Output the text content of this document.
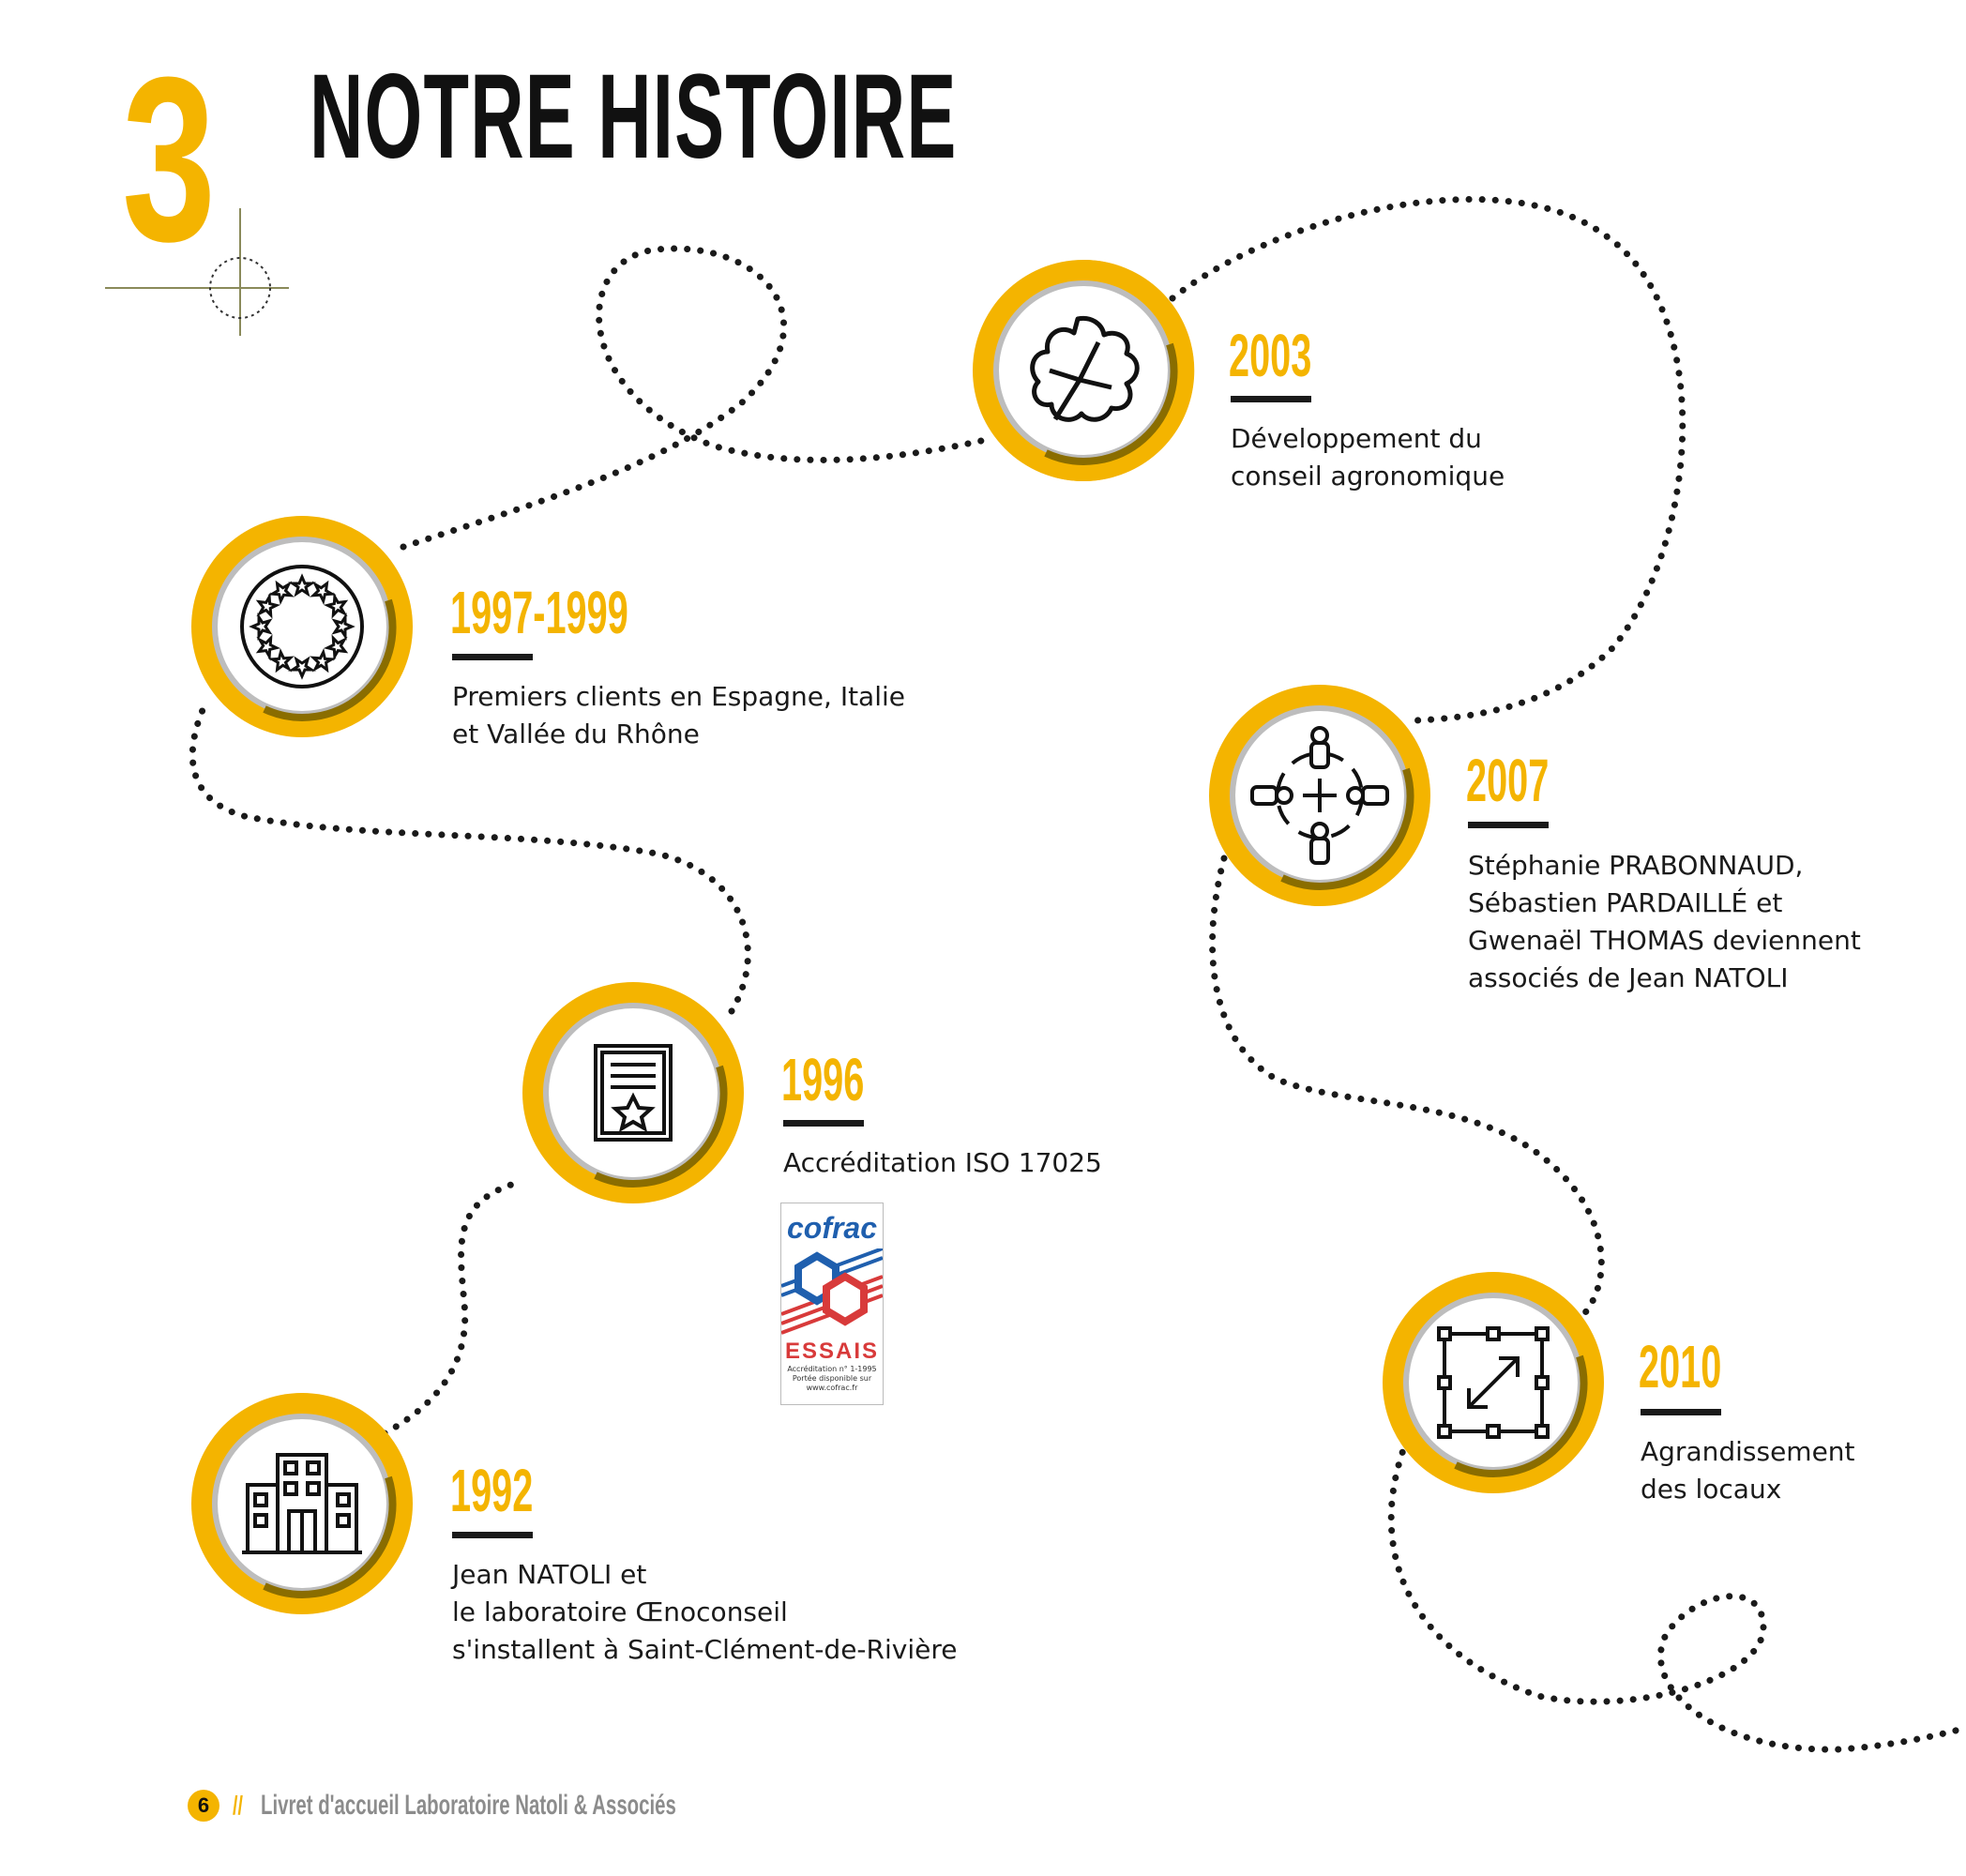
3 NOTRE HISTOIRE
2003
Développement du
conseil agronomique
1997-1999
Premiers clients en Espagne, Italie
et Vallée du Rhône
2007
Stéphanie PRABONNAUD,
Sébastien PARDAILLÉ et
Gwenaël THOMAS deviennent
associés de Jean NATOLI
1996
Accréditation ISO 17025
cofrac
ESSAIS
Accréditation n° 1-1995
Portée disponible sur
www.cofrac.fr	2010
Agrandissement
des locaux
1992
Jean NATOLI et
le laboratoire Œnoconseil
s'installent à Saint-Clément-de-Rivière
6 // Livret d'accueil Laboratoire Natoli & Associés
